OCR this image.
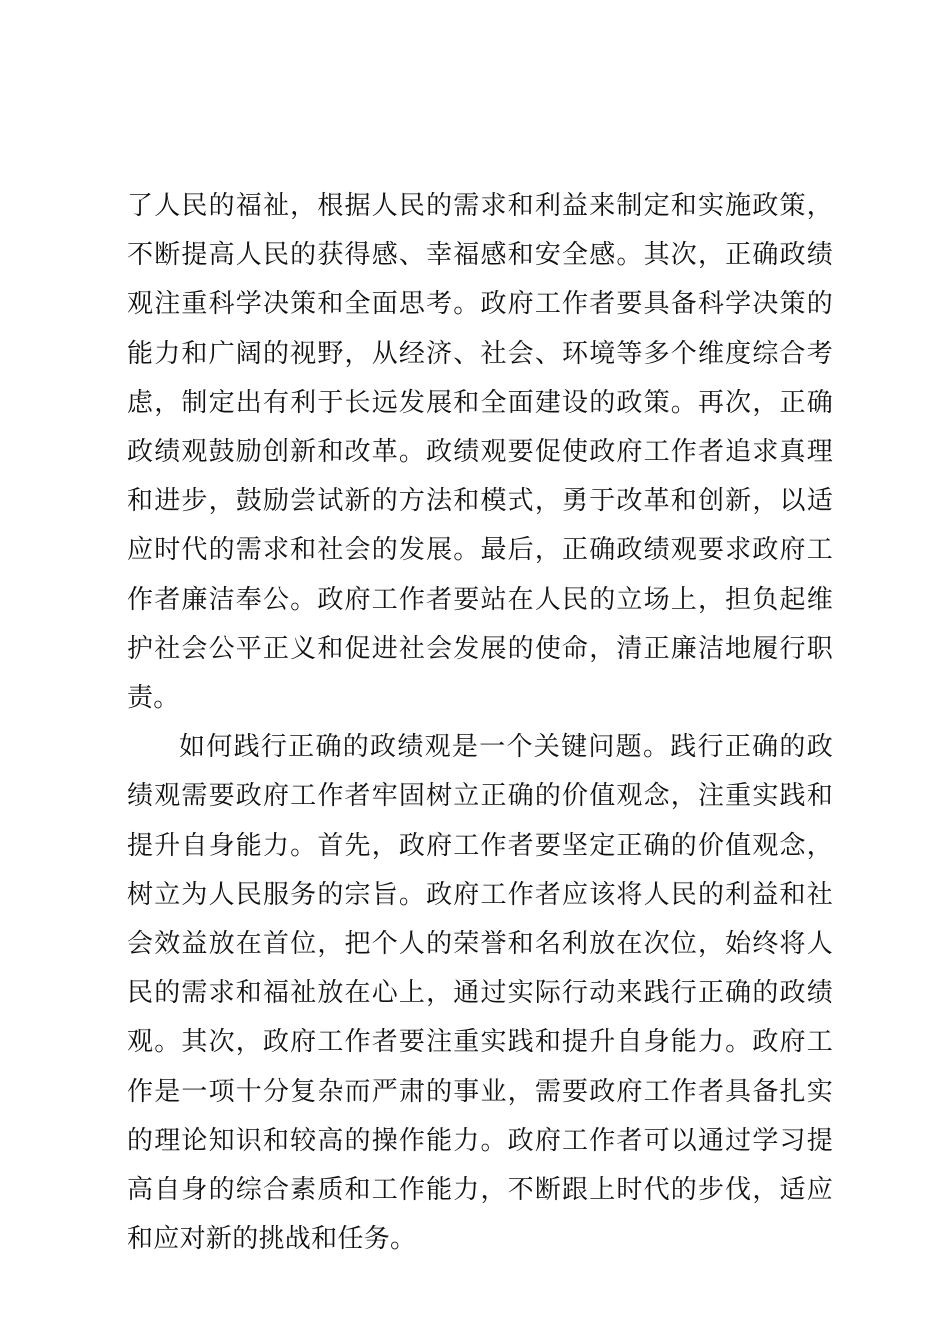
了人民的福祉，根据人民的需求和利益来制定和实施政策，不断提高人民的获得感、幸福感和安全感。其次，正确政绩观注重科学决策和全面思考。政府工作者要具备科学决策的能力和广阔的视野，从经济、社会、环境等多个维度综合考虑，制定出有利于长远发展和全面建设的政策。再次，正确政绩观鼓励创新和改革。政绩观要促使政府工作者追求真理和进步，鼓励尝试新的方法和模式，勇于改革和创新，以适应时代的需求和社会的发展。最后，正确政绩观要求政府工作者廉洁奉公。政府工作者要站在人民的立场上，担负起维护社会公平正义和促进社会发展的使命，清正廉洁地履行职责。

如何践行正确的政绩观是一个关键问题。践行正确的政绩观需要政府工作者牢固树立正确的价值观念，注重实践和提升自身能力。首先，政府工作者要坚定正确的价值观念，树立为人民服务的宗旨。政府工作者应该将人民的利益和社会效益放在首位，把个人的荣誉和名利放在次位，始终将人民的需求和福祉放在心上，通过实际行动来践行正确的政绩观。其次，政府工作者要注重实践和提升自身能力。政府工作是一项十分复杂而严肃的事业，需要政府工作者具备扎实的理论知识和较高的操作能力。政府工作者可以通过学习提高自身的综合素质和工作能力，不断跟上时代的步伐，适应和应对新的挑战和任务。
